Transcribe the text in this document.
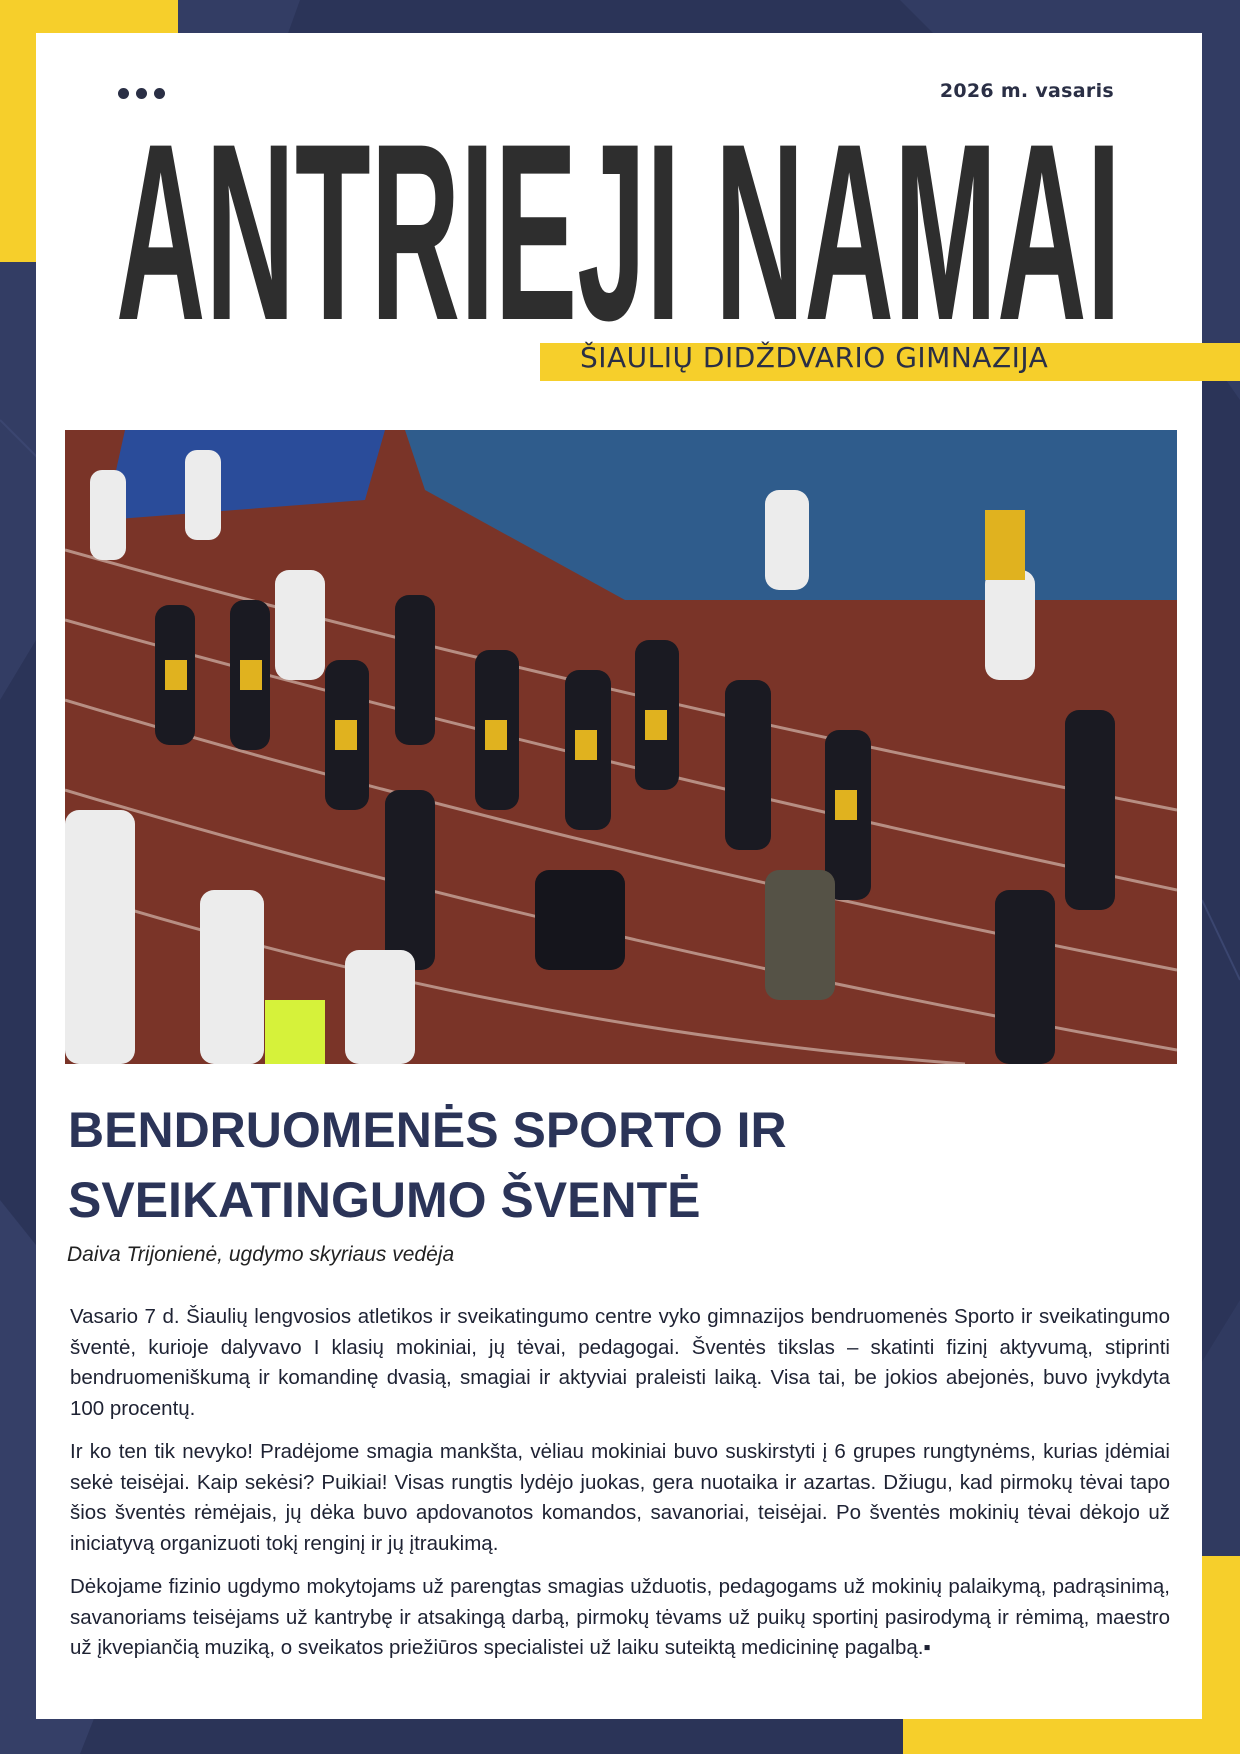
2026 m. vasaris
ANTRIEJI NAMAI
ŠIAULIŲ DIDŽDVARIO GIMNAZIJA
BENDRUOMENĖS SPORTO IR
SVEIKATINGUMO ŠVENTĖ
Daiva Trijonienė, ugdymo skyriaus vedėja

Vasario 7 d. Šiaulių lengvosios atletikos ir sveikatingumo centre vyko gimnazijos bendruomenės Sporto ir sveikatingumo šventė, kurioje dalyvavo I klasių mokiniai, jų tėvai, pedagogai. Šventės tikslas – skatinti fizinį aktyvumą, stiprinti bendruomeniškumą ir komandinę dvasią, smagiai ir aktyviai praleisti laiką. Visa tai, be jokios abejonės, buvo įvykdyta 100 procentų.

Ir ko ten tik nevyko! Pradėjome smagia mankšta, vėliau mokiniai buvo suskirstyti į 6 grupes rungtynėms, kurias įdėmiai sekė teisėjai. Kaip sekėsi? Puikiai! Visas rungtis lydėjo juokas, gera nuotaika ir azartas. Džiugu, kad pirmokų tėvai tapo šios šventės rėmėjais, jų dėka buvo apdovanotos komandos, savanoriai, teisėjai. Po šventės mokinių tėvai dėkojo už iniciatyvą organizuoti tokį renginį ir jų įtraukimą.

Dėkojame fizinio ugdymo mokytojams už parengtas smagias užduotis, pedagogams už mokinių palaikymą, padrąsinimą, savanoriams teisėjams už kantrybę ir atsakingą darbą, pirmokų tėvams už puikų sportinį pasirodymą ir rėmimą, maestro už įkvepiančią muziką, o sveikatos priežiūros specialistei už laiku suteiktą medicininę pagalbą.▪
